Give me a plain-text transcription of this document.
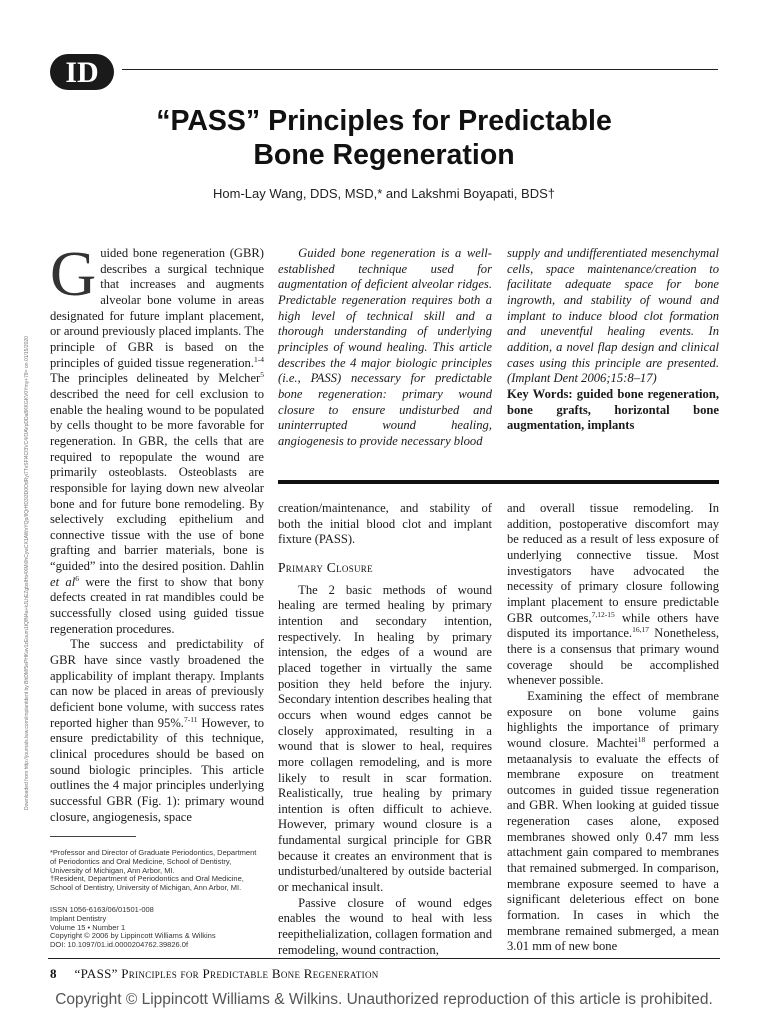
ID
“PASS” Principles for Predictable
Bone Regeneration
Hom-Lay Wang, DDS, MSD,* and Lakshmi Boyapati, BDS†
Downloaded from http://journals.lww.com/implantdent by BhDMf5ePHKav1zEoum1tQfN4a+kJLhEZgbsIHo4XMi0hCywCX1AWnYQp/IlQrHD3i3D0OdRyi7TvSFl4Cf3VC4/OAVpDDa8KKGKV0Ymy+78= on 01/15/2020

Guided bone regeneration (GBR) describes a surgical technique that increases and augments alveolar bone volume in areas designated for future implant placement, or around previously placed implants. The principle of GBR is based on the principles of guided tissue regeneration.$^{1-4}$ The principles delineated by Melcher$^5$ described the need for cell exclusion to enable the healing wound to be populated by cells thought to be more favorable for regeneration. In GBR, the cells that are required to repopulate the wound are primarily osteoblasts. Osteoblasts are responsible for laying down new alveolar bone and for future bone remodeling. By selectively excluding epithelium and connective tissue with the use of bone grafting and barrier materials, bone is “guided” into the desired position. Dahlin et $al^6$ were the first to show that bony defects created in rat mandibles could be successfully closed using guided tissue regeneration procedures.

The success and predictability of GBR have since vastly broadened the applicability of implant therapy. Implants can now be placed in areas of previously deficient bone volume, with success rates reported higher than 95%.$^{7-11}$ However, to ensure predictability of this technique, clinical procedures should be based on sound biologic principles. This article outlines the 4 major principles underlying successful GBR (Fig. 1): primary wound closure, angiogenesis, space

Guided bone regeneration is a well-established technique used for augmentation of deficient alveolar ridges. Predictable regeneration requires both a high level of technical skill and a thorough understanding of underlying principles of wound healing. This article describes the 4 major biologic principles (i.e., PASS) necessary for predictable bone regeneration: primary wound closure to ensure undisturbed and uninterrupted wound healing, angiogenesis to provide necessary blood

supply and undifferentiated mesenchymal cells, space maintenance/creation to facilitate adequate space for bone ingrowth, and stability of wound and implant to induce blood clot formation and uneventful healing events. In addition, a novel flap design and clinical cases using this principle are presented. (Implant Dent 2006;15:8–17)

Key Words: guided bone regeneration, bone grafts, horizontal bone augmentation, implants

creation/maintenance, and stability of both the initial blood clot and implant fixture (PASS).

Primary Closure

The 2 basic methods of wound healing are termed healing by primary intention and secondary intention, respectively. In healing by primary intension, the edges of a wound are placed together in virtually the same position they held before the injury. Secondary intention describes healing that occurs when wound edges cannot be closely approximated, resulting in a wound that is slower to heal, requires more collagen remodeling, and is more likely to result in scar formation. Realistically, true healing by primary intention is often difficult to achieve. However, primary wound closure is a fundamental surgical principle for GBR because it creates an environment that is undisturbed/unaltered by outside bacterial or mechanical insult.

Passive closure of wound edges enables the wound to heal with less reepithelialization, collagen formation and remodeling, wound contraction,

and overall tissue remodeling. In addition, postoperative discomfort may be reduced as a result of less exposure of underlying connective tissue. Most investigators have advocated the necessity of primary closure following implant placement to ensure predictable GBR outcomes,$^{7,12-15}$ while others have disputed its importance.$^{16,17}$ Nonetheless, there is a consensus that primary wound coverage should be accomplished whenever possible.

Examining the effect of membrane exposure on bone volume gains highlights the importance of primary wound closure. Machtei$^{18}$ performed a metaanalysis to evaluate the effects of membrane exposure on treatment outcomes in guided tissue regeneration and GBR. When looking at guided tissue regeneration cases alone, exposed membranes showed only 0.47 mm less attachment gain compared to membranes that remained submerged. In comparison, membrane exposure seemed to have a significant deleterious effect on bone formation. In cases in which the membrane remained submerged, a mean 3.01 mm of new bone

*Professor and Director of Graduate Periodontics, Department of Periodontics and Oral Medicine, School of Dentistry, University of Michigan, Ann Arbor, MI.

†Resident, Department of Periodontics and Oral Medicine, School of Dentistry, University of Michigan, Ann Arbor, MI.

ISSN 1056-6163/06/01501-008

Implant Dentistry

Volume 15 • Number 1

Copyright © 2006 by Lippincott Williams & Wilkins

DOI: 10.1097/01.id.0000204762.39826.0f

8 “PASS” Principles for Predictable Bone Regeneration
Copyright © Lippincott Williams & Wilkins. Unauthorized reproduction of this article is prohibited.
